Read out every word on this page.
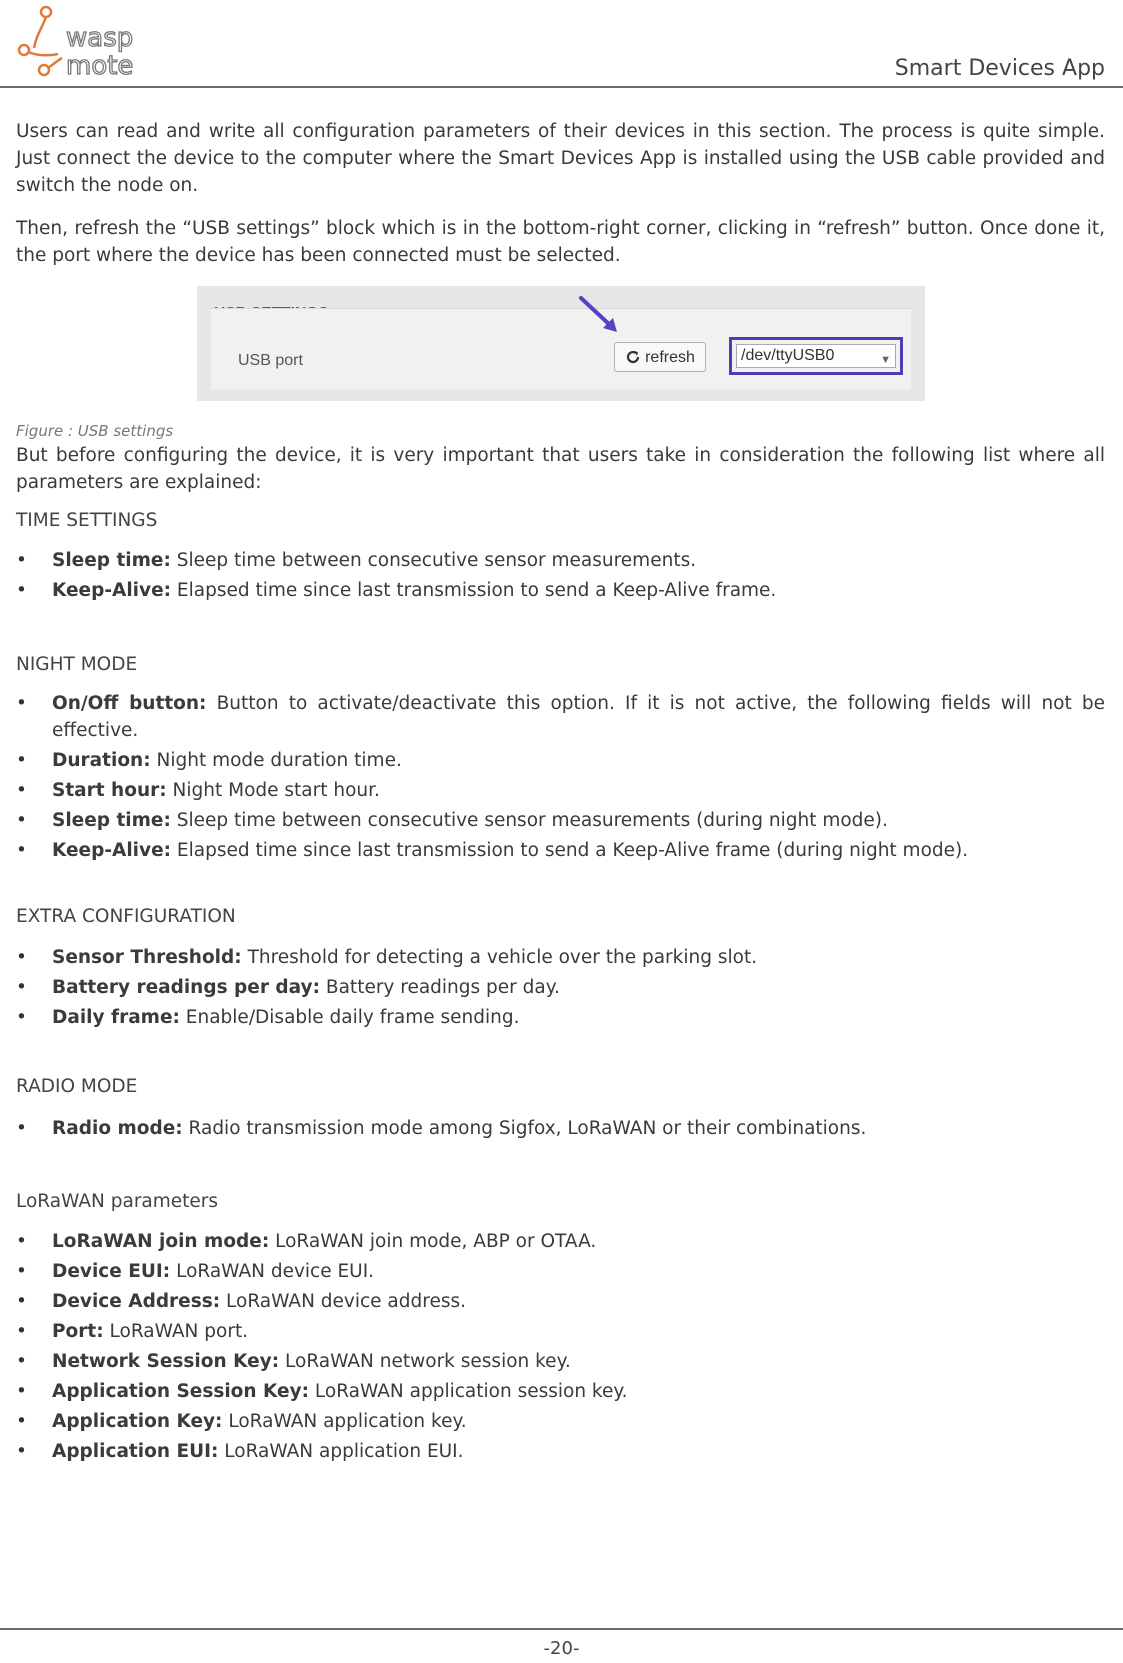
wasp
mote	Smart Devices App

Users can read and write all configuration parameters of their devices in this section. The process is quite simple. Just connect the device to the computer where the Smart Devices App is installed using the USB cable provided and switch the node on.

Then, refresh the “USB settings” block which is in the bottom-right corner, clicking in “refresh” button. Once done it, the port where the device has been connected must be selected.

USB port	refresh	/dev/ttyUSB0	▼
Figure : USB settings

But before configuring the device, it is very important that users take in consideration the following list where all parameters are explained:

TIME SETTINGS
• Sleep time: Sleep time between consecutive sensor measurements.
• Keep-Alive: Elapsed time since last transmission to send a Keep-Alive frame.
NIGHT MODE
• On/Off button: Button to activate/deactivate this option. If it is not active, the following fields will not be effective.
• Duration: Night mode duration time.
• Start hour: Night Mode start hour.
• Sleep time: Sleep time between consecutive sensor measurements (during night mode).
• Keep-Alive: Elapsed time since last transmission to send a Keep-Alive frame (during night mode).
EXTRA CONFIGURATION
• Sensor Threshold: Threshold for detecting a vehicle over the parking slot.
• Battery readings per day: Battery readings per day.
• Daily frame: Enable/Disable daily frame sending.
RADIO MODE
• Radio mode: Radio transmission mode among Sigfox, LoRaWAN or their combinations.
LoRaWAN parameters
• LoRaWAN join mode: LoRaWAN join mode, ABP or OTAA.
• Device EUI: LoRaWAN device EUI.
• Device Address: LoRaWAN device address.
• Port: LoRaWAN port.
• Network Session Key: LoRaWAN network session key.
• Application Session Key: LoRaWAN application session key.
• Application Key: LoRaWAN application key.
• Application EUI: LoRaWAN application EUI.
-20-
